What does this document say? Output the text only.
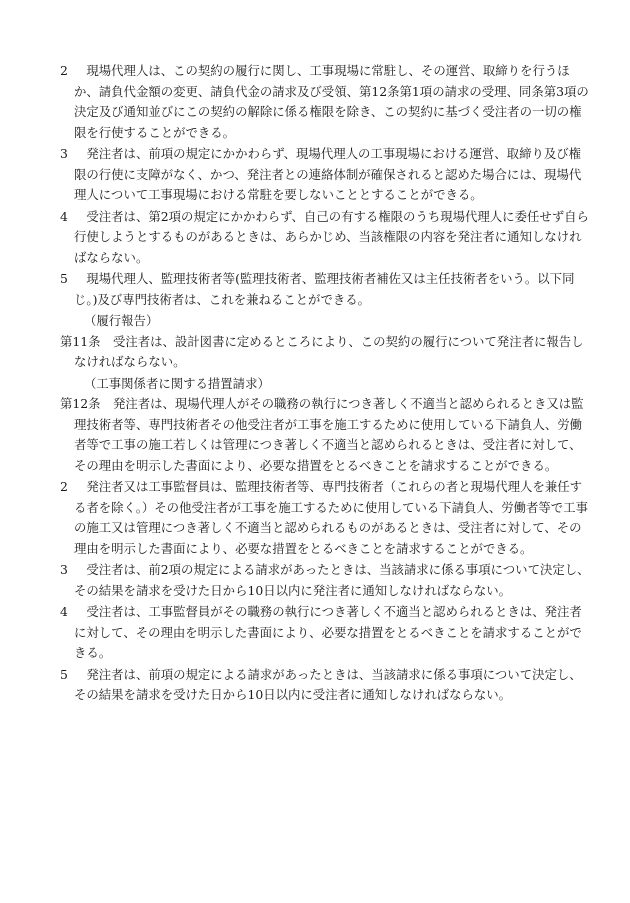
2	現場代理人は、この契約の履行に関し、工事現場に常駐し、その運営、取締りを行うほか、請負代金額の変更、請負代金の請求及び受領、第12条第1項の請求の受理、同条第3項の決定及び通知並びにこの契約の解除に係る権限を除き、この契約に基づく受注者の一切の権限を行使することができる。
3	発注者は、前項の規定にかかわらず、現場代理人の工事現場における運営、取締り及び権限の行使に支障がなく、かつ、発注者との連絡体制が確保されると認めた場合には、現場代理人について工事現場における常駐を要しないこととすることができる。
4	受注者は、第2項の規定にかかわらず、自己の有する権限のうち現場代理人に委任せず自ら行使しようとするものがあるときは、あらかじめ、当該権限の内容を発注者に通知しなければならない。
5	現場代理人、監理技術者等(監理技術者、監理技術者補佐又は主任技術者をいう。以下同じ。)及び専門技術者は、これを兼ねることができる。
（履行報告）
第11条　受注者は、設計図書に定めるところにより、この契約の履行について発注者に報告しなければならない。
（工事関係者に関する措置請求）
第12条　発注者は、現場代理人がその職務の執行につき著しく不適当と認められるとき又は監理技術者等、専門技術者その他受注者が工事を施工するために使用している下請負人、労働者等で工事の施工若しくは管理につき著しく不適当と認められるときは、受注者に対して、その理由を明示した書面により、必要な措置をとるべきことを請求することができる。
2	発注者又は工事監督員は、監理技術者等、専門技術者（これらの者と現場代理人を兼任する者を除く。）その他受注者が工事を施工するために使用している下請負人、労働者等で工事の施工又は管理につき著しく不適当と認められるものがあるときは、受注者に対して、その理由を明示した書面により、必要な措置をとるべきことを請求することができる。
3	受注者は、前2項の規定による請求があったときは、当該請求に係る事項について決定し、その結果を請求を受けた日から10日以内に発注者に通知しなければならない。
4	受注者は、工事監督員がその職務の執行につき著しく不適当と認められるときは、発注者に対して、その理由を明示した書面により、必要な措置をとるべきことを請求することができる。
5	発注者は、前項の規定による請求があったときは、当該請求に係る事項について決定し、その結果を請求を受けた日から10日以内に受注者に通知しなければならない。
